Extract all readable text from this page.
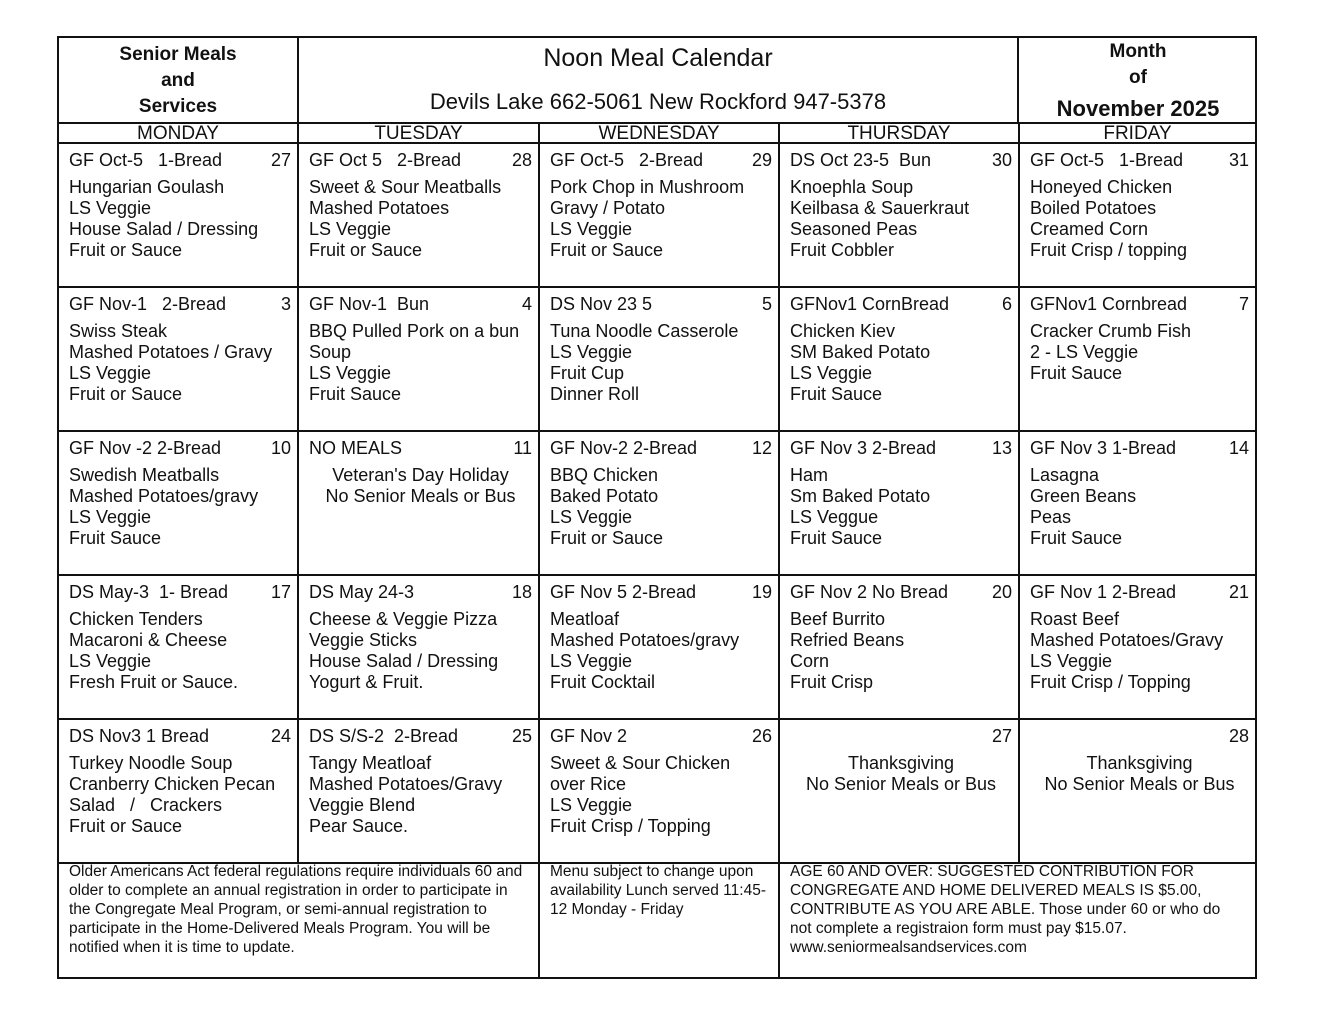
Senior Meals
and
Services
Noon Meal Calendar
Devils Lake 662-5061 New Rockford 947-5378
Month
of
November 2025
MONDAY	TUESDAY	WEDNESDAY	THURSDAY	FRIDAY
GF Oct-5   1-Bread	27
Hungarian Goulash
LS Veggie
House Salad / Dressing
Fruit or Sauce
GF Oct 5   2-Bread	28
Sweet & Sour Meatballs
Mashed Potatoes
LS Veggie
Fruit or Sauce
GF Oct-5   2-Bread	29
Pork Chop in Mushroom
Gravy / Potato
LS Veggie
Fruit or Sauce
DS Oct 23-5  Bun	30
Knoephla Soup
Keilbasa & Sauerkraut
Seasoned Peas
Fruit Cobbler
GF Oct-5   1-Bread	31
Honeyed Chicken
Boiled Potatoes
Creamed Corn
Fruit Crisp / topping
GF Nov-1   2-Bread	3
Swiss Steak
Mashed Potatoes / Gravy
LS Veggie
Fruit or Sauce
GF Nov-1  Bun	4
BBQ Pulled Pork on a bun
Soup
LS Veggie
Fruit Sauce
DS Nov 23 5	5
Tuna Noodle Casserole
LS Veggie
Fruit Cup
Dinner Roll
GFNov1 CornBread	6
Chicken Kiev
SM Baked Potato
LS Veggie
Fruit Sauce
GFNov1 Cornbread	7
Cracker Crumb Fish
2 - LS Veggie
Fruit Sauce
GF Nov -2 2-Bread	10
Swedish Meatballs
Mashed Potatoes/gravy
LS Veggie
Fruit Sauce
NO MEALS	11
Veteran's Day Holiday
No Senior Meals or Bus
GF Nov-2 2-Bread	12
BBQ Chicken
Baked Potato
LS Veggie
Fruit or Sauce
GF Nov 3 2-Bread	13
Ham
Sm Baked Potato
LS Veggue
Fruit Sauce
GF Nov 3 1-Bread	14
Lasagna
Green Beans
Peas
Fruit Sauce
DS May-3  1- Bread 17
Chicken Tenders
Macaroni & Cheese
LS Veggie
Fresh Fruit or Sauce.
DS May 24-3	18
Cheese & Veggie Pizza
Veggie Sticks
House Salad / Dressing
Yogurt & Fruit.
GF Nov 5 2-Bread	19
Meatloaf
Mashed Potatoes/gravy
LS Veggie
Fruit Cocktail
GF Nov 2 No Bread 20
Beef Burrito
Refried Beans
Corn
Fruit Crisp
GF Nov 1 2-Bread	21
Roast Beef
Mashed Potatoes/Gravy
LS Veggie
Fruit Crisp / Topping
DS Nov3 1 Bread	24
Turkey Noodle Soup
Cranberry Chicken Pecan
Salad   /   Crackers
Fruit or Sauce
DS S/S-2  2-Bread	25
Tangy Meatloaf
Mashed Potatoes/Gravy
Veggie Blend
Pear Sauce.
GF Nov 2	26
Sweet & Sour Chicken
over Rice
LS Veggie
Fruit Crisp / Topping
27
Thanksgiving
No Senior Meals or Bus
28
Thanksgiving
No Senior Meals or Bus
Older Americans Act federal regulations require individuals 60 and older to complete an annual registration in order to participate in the Congregate Meal Program, or semi-annual registration to participate in the Home-Delivered Meals Program. You will be notified when it is time to update.
Menu subject to change upon availability Lunch served 11:45-12 Monday - Friday
AGE 60 AND OVER: SUGGESTED CONTRIBUTION FOR CONGREGATE AND HOME DELIVERED MEALS IS $5.00, CONTRIBUTE AS YOU ARE ABLE. Those under 60 or who do not complete a registraion form must pay $15.07. www.seniormealsandservices.com
